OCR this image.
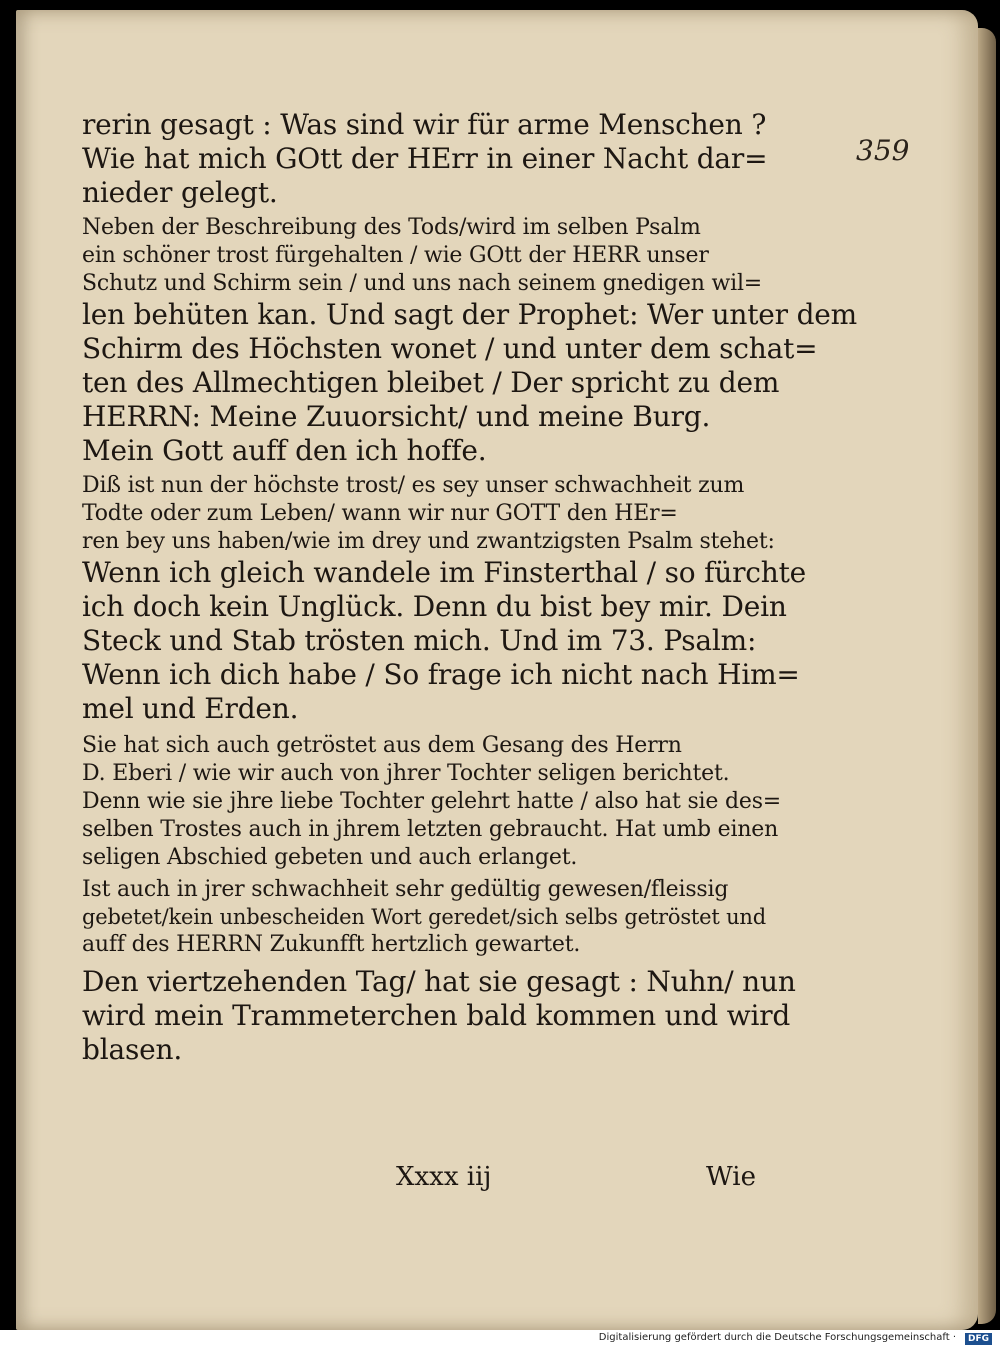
359
rerin gesagt : Was sind wir für arme Menschen ?
Wie hat mich GOtt der HErr in einer Nacht dar=
nieder gelegt.
Neben der Beschreibung des Tods/wird im selben Psalm
ein schöner trost fürgehalten / wie GOtt der HERR unser
Schutz und Schirm sein / und uns nach seinem gnedigen wil=
len behüten kan. Und sagt der Prophet: Wer unter dem
Schirm des Höchsten wonet / und unter dem schat=
ten des Allmechtigen bleibet / Der spricht zu dem
HERRN: Meine Zuuorsicht/ und meine Burg.
Mein Gott auff den ich hoffe.
Diß ist nun der höchste trost/ es sey unser schwachheit zum
Todte oder zum Leben/ wann wir nur GOTT den HEr=
ren bey uns haben/wie im drey und zwantzigsten Psalm stehet:
Wenn ich gleich wandele im Finsterthal / so fürchte
ich doch kein Unglück. Denn du bist bey mir. Dein
Steck und Stab trösten mich. Und im 73. Psalm:
Wenn ich dich habe / So frage ich nicht nach Him=
mel und Erden.
Sie hat sich auch getröstet aus dem Gesang des Herrn
D. Eberi / wie wir auch von jhrer Tochter seligen berichtet.
Denn wie sie jhre liebe Tochter gelehrt hatte / also hat sie des=
selben Trostes auch in jhrem letzten gebraucht. Hat umb einen
seligen Abschied gebeten und auch erlanget.
Ist auch in jrer schwachheit sehr gedültig gewesen/fleissig
gebetet/kein unbescheiden Wort geredet/sich selbs getröstet und
auff des HERRN Zukunfft hertzlich gewartet.
Den viertzehenden Tag/ hat sie gesagt : Nuhn/ nun
wird mein Trammeterchen bald kommen und wird
blasen.
Xxxx iij	Wie
Digitalisierung gefördert durch die Deutsche Forschungsgemeinschaft ·	DFG
